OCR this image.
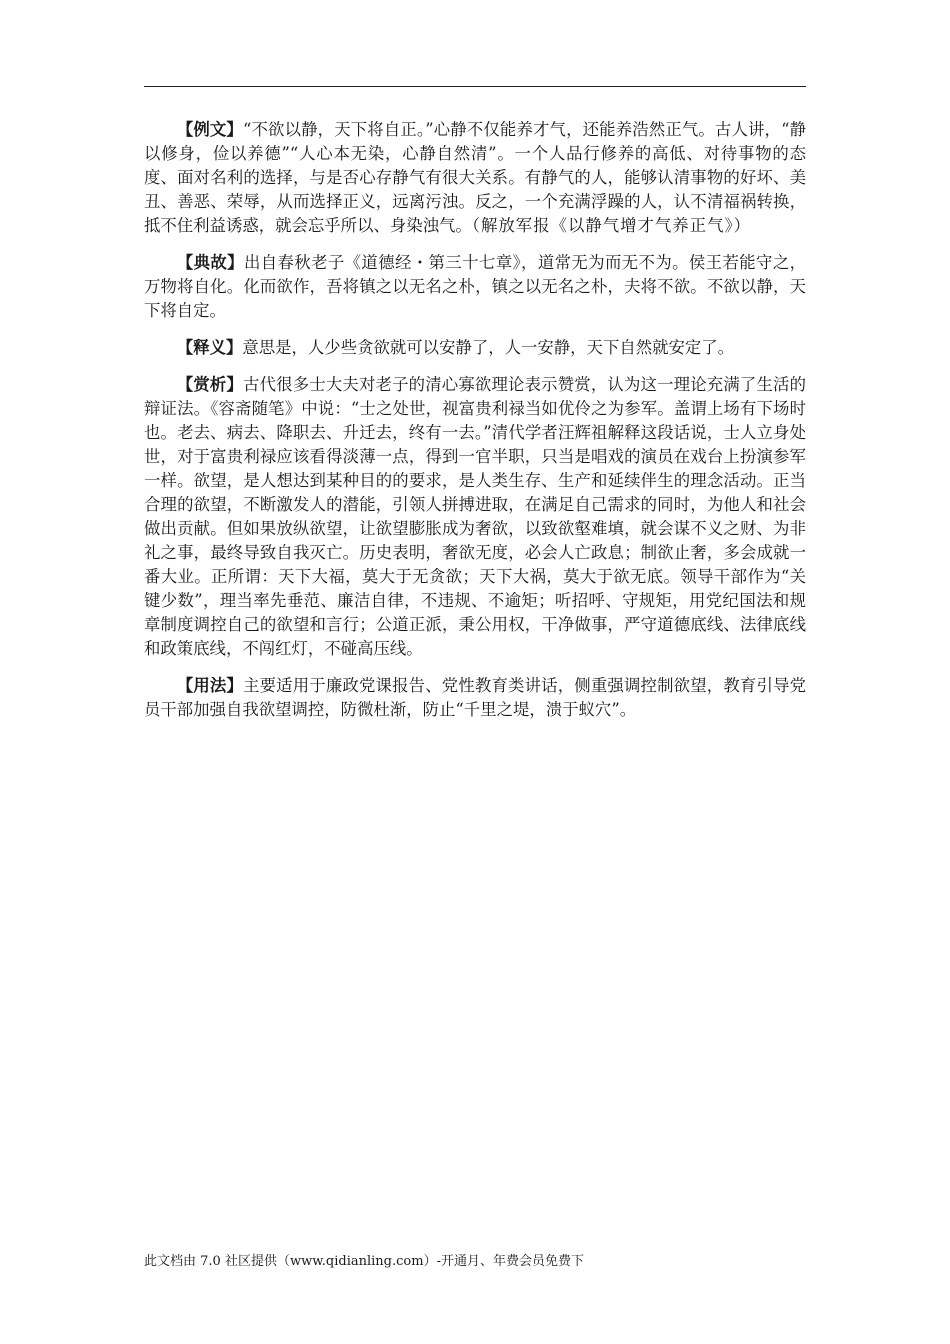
【例文】“不欲以静，天下将自正。”心静不仅能养才气，还能养浩然正气。古人讲，“静以修身，俭以养德”“人心本无染，心静自然清”。一个人品行修养的高低、对待事物的态度、面对名利的选择，与是否心存静气有很大关系。有静气的人，能够认清事物的好坏、美丑、善恶、荣辱，从而选择正义，远离污浊。反之，一个充满浮躁的人，认不清福祸转换，抵不住利益诱惑，就会忘乎所以、身染浊气。（解放军报《以静气增才气养正气》）

【典故】出自春秋老子《道德经・第三十七章》，道常无为而无不为。侯王若能守之，万物将自化。化而欲作，吾将镇之以无名之朴，镇之以无名之朴，夫将不欲。不欲以静，天下将自定。

【释义】意思是，人少些贪欲就可以安静了，人一安静，天下自然就安定了。

【赏析】古代很多士大夫对老子的清心寡欲理论表示赞赏，认为这一理论充满了生活的辩证法。《容斋随笔》中说：“士之处世，视富贵利禄当如优伶之为参军。盖谓上场有下场时也。老去、病去、降职去、升迁去，终有一去。”清代学者汪辉祖解释这段话说，士人立身处世，对于富贵利禄应该看得淡薄一点，得到一官半职，只当是唱戏的演员在戏台上扮演参军一样。欲望，是人想达到某种目的的要求，是人类生存、生产和延续伴生的理念活动。正当合理的欲望，不断激发人的潜能，引领人拼搏进取，在满足自己需求的同时，为他人和社会做出贡献。但如果放纵欲望，让欲望膨胀成为奢欲，以致欲壑难填，就会谋不义之财、为非礼之事，最终导致自我灭亡。历史表明，奢欲无度，必会人亡政息；制欲止奢，多会成就一番大业。正所谓：天下大福，莫大于无贪欲；天下大祸，莫大于欲无底。领导干部作为“关键少数”，理当率先垂范、廉洁自律，不违规、不逾矩；听招呼、守规矩，用党纪国法和规章制度调控自己的欲望和言行；公道正派，秉公用权，干净做事，严守道德底线、法律底线和政策底线，不闯红灯，不碰高压线。

【用法】主要适用于廉政党课报告、党性教育类讲话，侧重强调控制欲望，教育引导党员干部加强自我欲望调控，防微杜渐，防止“千里之堤，溃于蚁穴”。

此文档由 7.0 社区提供（www.qidianling.com）-开通月、年费会员免费下
